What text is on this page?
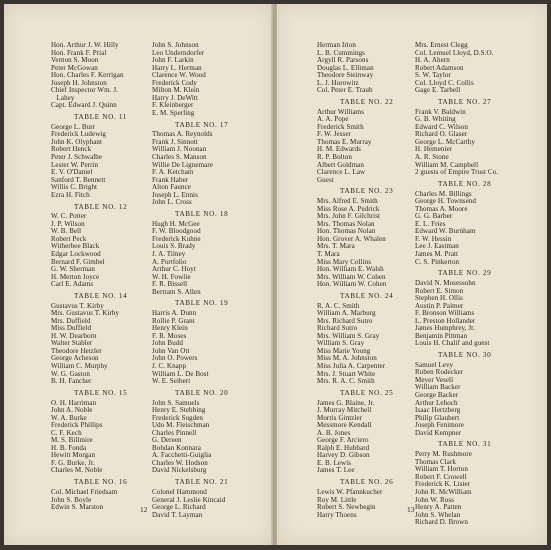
Hon. Arthur J. W. Hilly
Hon. Frank F. Prial
Vernon S. Moon
Peter McGowan
Hon. Charles F. Kerrigan
Joseph H. Johnston
Chief Inspector Wm. J.
Lahey
Capt. Edward J. Quinn
TABLE NO. 11
George L. Burr
Frederick Ludewig
John K. Olyphant
Robert Henck
Peter J. Schwalbe
Lester W. Perrin
E. V. O'Daniel
Sanford T. Bennett
Willis C. Bright
Ezra H. Fitch
TABLE NO. 12
W. C. Potter
J. P. Wilson
W. B. Bell
Robert Peck
Witherbee Black
Edgar Lockwood
Bernard F. Gimbel
G. W. Sherman
H. Merton Joyce
Carl E. Adams
TABLE NO. 14
Gustavus T. Kirby
Mrs. Gustavus T. Kirby
Mrs. Duffield
Miss Duffield
H. W. Dearborn
Walter Stabler
Theodore Hetzler
George Acheson
William C. Murphy
W. G. Gaston
B. H. Fancher
TABLE NO. 15
O. H. Harriman
John A. Noble
W. A. Burke
Frederick Phillips
C. F. Kech
M. S. Billmire
H. B. Fonda
Hewitt Morgan
F. G. Burke, Jr.
Charles M. Noble
TABLE NO. 16
Col. Michael Friedsam
John S. Boyle
Edwin S. Marston
John S. Johnson
Leo Underndorfer
John F. Larkin
Harry L. Herman
Clarence W. Wood
Frederick Cody
Milton M. Klein
Harry J. DeWitt
F. Kleinberger
E. M. Sperling
TABLE NO. 17
Thomas A. Reynolds
Frank J. Sinnott
William J. Noonan
Charles S. Manson
Willie De Lignemare
F. A. Ketcham
Frank Haber
Alton Faunce
Joseph L. Ennis
John L. Cross
TABLE NO. 18
Hugh H. McGee
F. W. Bloodgood
Frederick Kuhne
Louis S. Brady
J. A. Tilney
A. Portfolio
Arthur C. Hoyt
W. H. Fowlie
F. R. Bissell
Bertram S. Allen
TABLE NO. 19
Harris A. Dunn
Rollie P. Grant
Henry Klein
F. R. Moses
John Budd
John Van Ott
John O. Powers
J. C. Knapp
William L. De Bost
W. E. Seibert
TABLE NO. 20
John S. Samuels
Henry E. Stebbing
Frederick Sugden
Udo M. Fleischman
Charles Pinnell
G. Dereen
Bohdan Konnara
A. Facchetti-Guiglia
Charles W. Hodson
David Nickelsburg
TABLE NO. 21
Colonel Hammond
General J. Leslie Kincaid
George L. Richard
David T. Layman
Herman Irion
L. B. Cummings
Argyll R. Parsons
Douglas L. Elliman
Theodore Steinway
L. J. Horowitz
Col. Peter E. Traub
TABLE NO. 22
Arthur Williams
A. A. Pope
Frederick Smith
F. W. Jesser
Thomas E. Murray
H. M. Edwards
R. P. Bolton
Albert Goldman
Clarence L. Law
Guest
TABLE NO. 23
Mrs. Alfred E. Smith
Miss Rose A. Pedrick
Mrs. John F. Gilchrist
Mrs. Thomas Nolan
Hon. Thomas Nolan
Hon. Grover A. Whalen
Mrs. T. Mara
T. Mara
Miss Mary Collins
Hon. William E. Walsh
Mrs. William W. Cohen
Hon. William W. Cohen
TABLE NO. 24
R. A. C. Smith
William A. Marburg
Mrs. Richard Sutro
Richard Sutro
Mrs. William S. Gray
William S. Gray
Miss Marie Young
Miss M. A. Johnston
Miss Julia A. Carpenter
Mrs. J. Stuart White
Mrs. R. A. C. Smith
TABLE NO. 25
James G. Blaine, Jr.
J. Murray Mitchell
Morris Gintzler
Messmore Kendall
A. B. Jones
George F. Arciero
Ralph E. Hubbard
Harvey D. Gibson
E. B. Lewis
James T. Lee
TABLE NO. 26
Lewis W. Pfannkucher
Roy M. Little
Robert S. Newbegin
Harry Thoens
Mrs. Ernest Clegg
Col. Lemuel Lloyd, D.S.O.
H. A. Ahern
Robert Adamson
S. W. Taylor
Col. Lloyd C. Collis
Gage E. Tarbell
TABLE NO. 27
Frank V. Baldwin
G. B. Whiting
Edward C. Wilson
Richard O. Glaser
George L. McCarthy
H. Hemenier
A. R. Stone
William M. Campbell
2 guests of Empire Trust Co.
TABLE NO. 28
Charles M. Billings
George H. Townsend
Thomas A. Moore
G. G. Barber
E. L. Fries
Edward W. Burnham
F. W. Hessin
Lee J. Eastman
James M. Pratt
C. S. Pinkerton
TABLE NO. 29
David N. Mosessohn
Robert E. Simon
Stephen H. Ollis
Austin P. Palmer
F. Bronson Williams
L. Preston Hollander
James Humphrey, Jr.
Benjamin Pittman
Louis H. Chalif and guest
TABLE NO. 30
Samuel Levy
Ruben Rodecker
Meyer Vesell
William Backer
George Backer
Arthur Lehoch
Isaac Hertzberg
Philip Glaubert
Joseph Fenimore
David Kempner
TABLE NO. 31
Perry M. Rushmore
Thomas Clark
William T. Horton
Robert F. Crowell
Frederick K. Lister
John R. McWilliam
John W. Ross
Henry A. Patten
John S. Whelan
Richard D. Brown
12	13
